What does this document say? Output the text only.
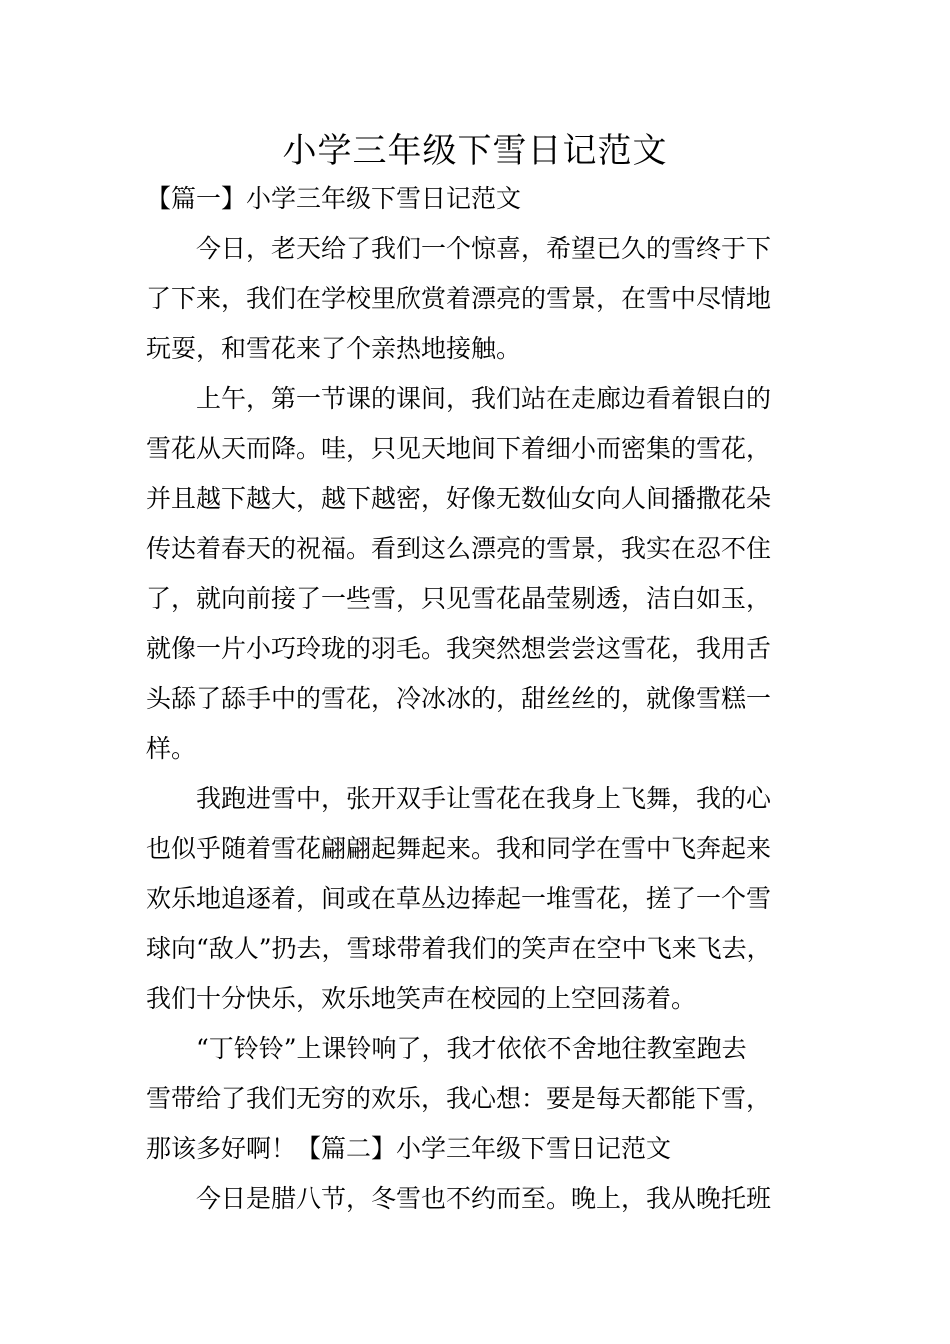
小学三年级下雪日记范文

【篇一】小学三年级下雪日记范文

今日，老天给了我们一个惊喜，希望已久的雪终于下

了下来，我们在学校里欣赏着漂亮的雪景，在雪中尽情地

玩耍，和雪花来了个亲热地接触。

上午，第一节课的课间，我们站在走廊边看着银白的

雪花从天而降。哇，只见天地间下着细小而密集的雪花，

并且越下越大，越下越密，好像无数仙女向人间播撒花朵

传达着春天的祝福。看到这么漂亮的雪景，我实在忍不住

了，就向前接了一些雪，只见雪花晶莹剔透，洁白如玉，

就像一片小巧玲珑的羽毛。我突然想尝尝这雪花，我用舌

头舔了舔手中的雪花，冷冰冰的，甜丝丝的，就像雪糕一

样。

我跑进雪中，张开双手让雪花在我身上飞舞，我的心

也似乎随着雪花翩翩起舞起来。我和同学在雪中飞奔起来

欢乐地追逐着，间或在草丛边捧起一堆雪花，搓了一个雪

球向“敌人”扔去，雪球带着我们的笑声在空中飞来飞去，

我们十分快乐，欢乐地笑声在校园的上空回荡着。

“丁铃铃”上课铃响了，我才依依不舍地往教室跑去

雪带给了我们无穷的欢乐，我心想：要是每天都能下雪，

那该多好啊！【篇二】小学三年级下雪日记范文

今日是腊八节，冬雪也不约而至。晚上，我从晚托班
